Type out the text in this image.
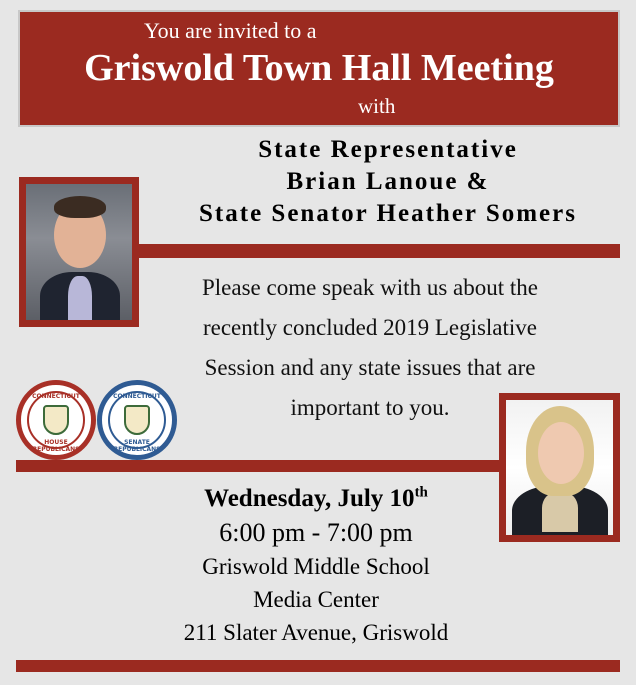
You are invited to a
Griswold Town Hall Meeting
with
State Representative
Brian Lanoue &
State Senator Heather Somers
Please come speak with us about the
recently concluded 2019 Legislative
Session and any state issues that are
important to you.
CONNECTICUT
HOUSE REPUBLICANS
CONNECTICUT
SENATE REPUBLICANS
Wednesday, July 10th
6:00 pm - 7:00 pm
Griswold Middle School
Media Center
211 Slater Avenue, Griswold
